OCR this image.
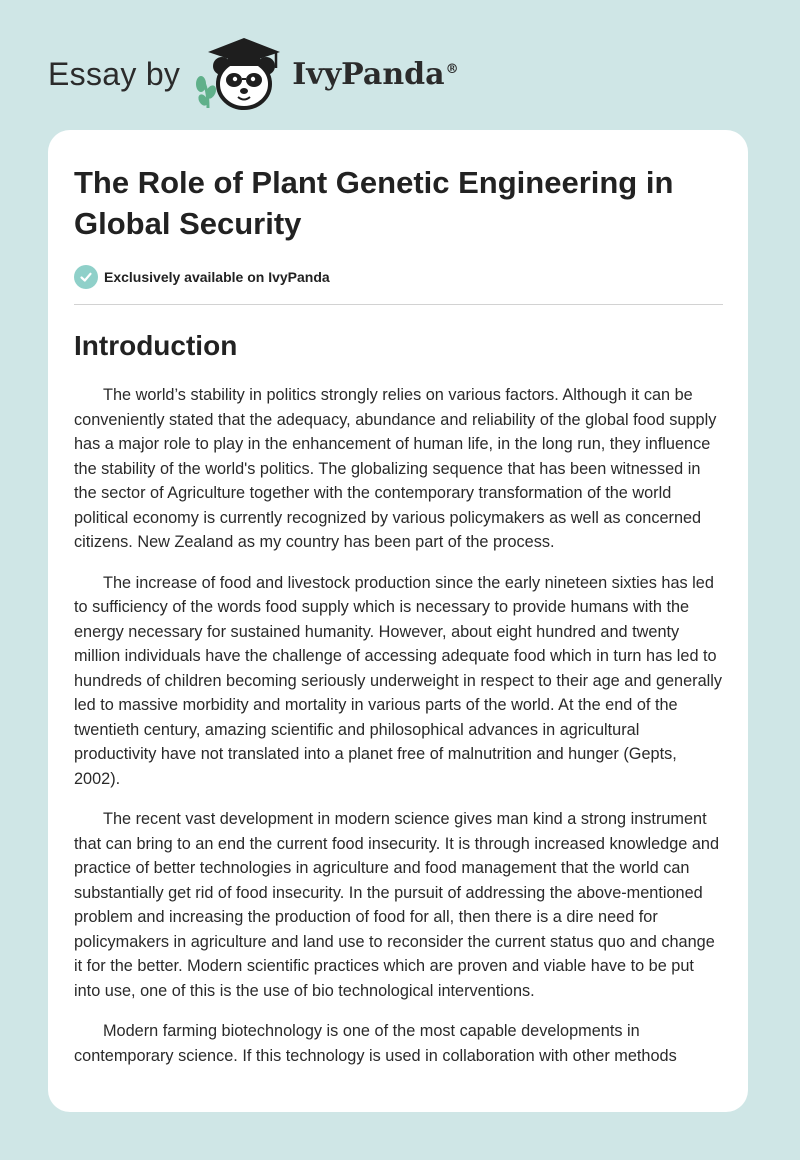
Essay by	IvyPanda®
The Role of Plant Genetic Engineering in Global Security
Exclusively available on IvyPanda
Introduction

The world’s stability in politics strongly relies on various factors. Although it can be conveniently stated that the adequacy, abundance and reliability of the global food supply has a major role to play in the enhancement of human life, in the long run, they influence the stability of the world's politics. The globalizing sequence that has been witnessed in the sector of Agriculture together with the contemporary transformation of the world political economy is currently recognized by various policymakers as well as concerned citizens. New Zealand as my country has been part of the process.

The increase of food and livestock production since the early nineteen sixties has led to sufficiency of the words food supply which is necessary to provide humans with the energy necessary for sustained humanity. However, about eight hundred and twenty million individuals have the challenge of accessing adequate food which in turn has led to hundreds of children becoming seriously underweight in respect to their age and generally led to massive morbidity and mortality in various parts of the world. At the end of the twentieth century, amazing scientific and philosophical advances in agricultural productivity have not translated into a planet free of malnutrition and hunger (Gepts, 2002).

The recent vast development in modern science gives man kind a strong instrument that can bring to an end the current food insecurity. It is through increased knowledge and practice of better technologies in agriculture and food management that the world can substantially get rid of food insecurity. In the pursuit of addressing the above-mentioned problem and increasing the production of food for all, then there is a dire need for policymakers in agriculture and land use to reconsider the current status quo and change it for the better. Modern scientific practices which are proven and viable have to be put into use, one of this is the use of bio technological interventions.

Modern farming biotechnology is one of the most capable developments in contemporary science. If this technology is used in collaboration with other methods
